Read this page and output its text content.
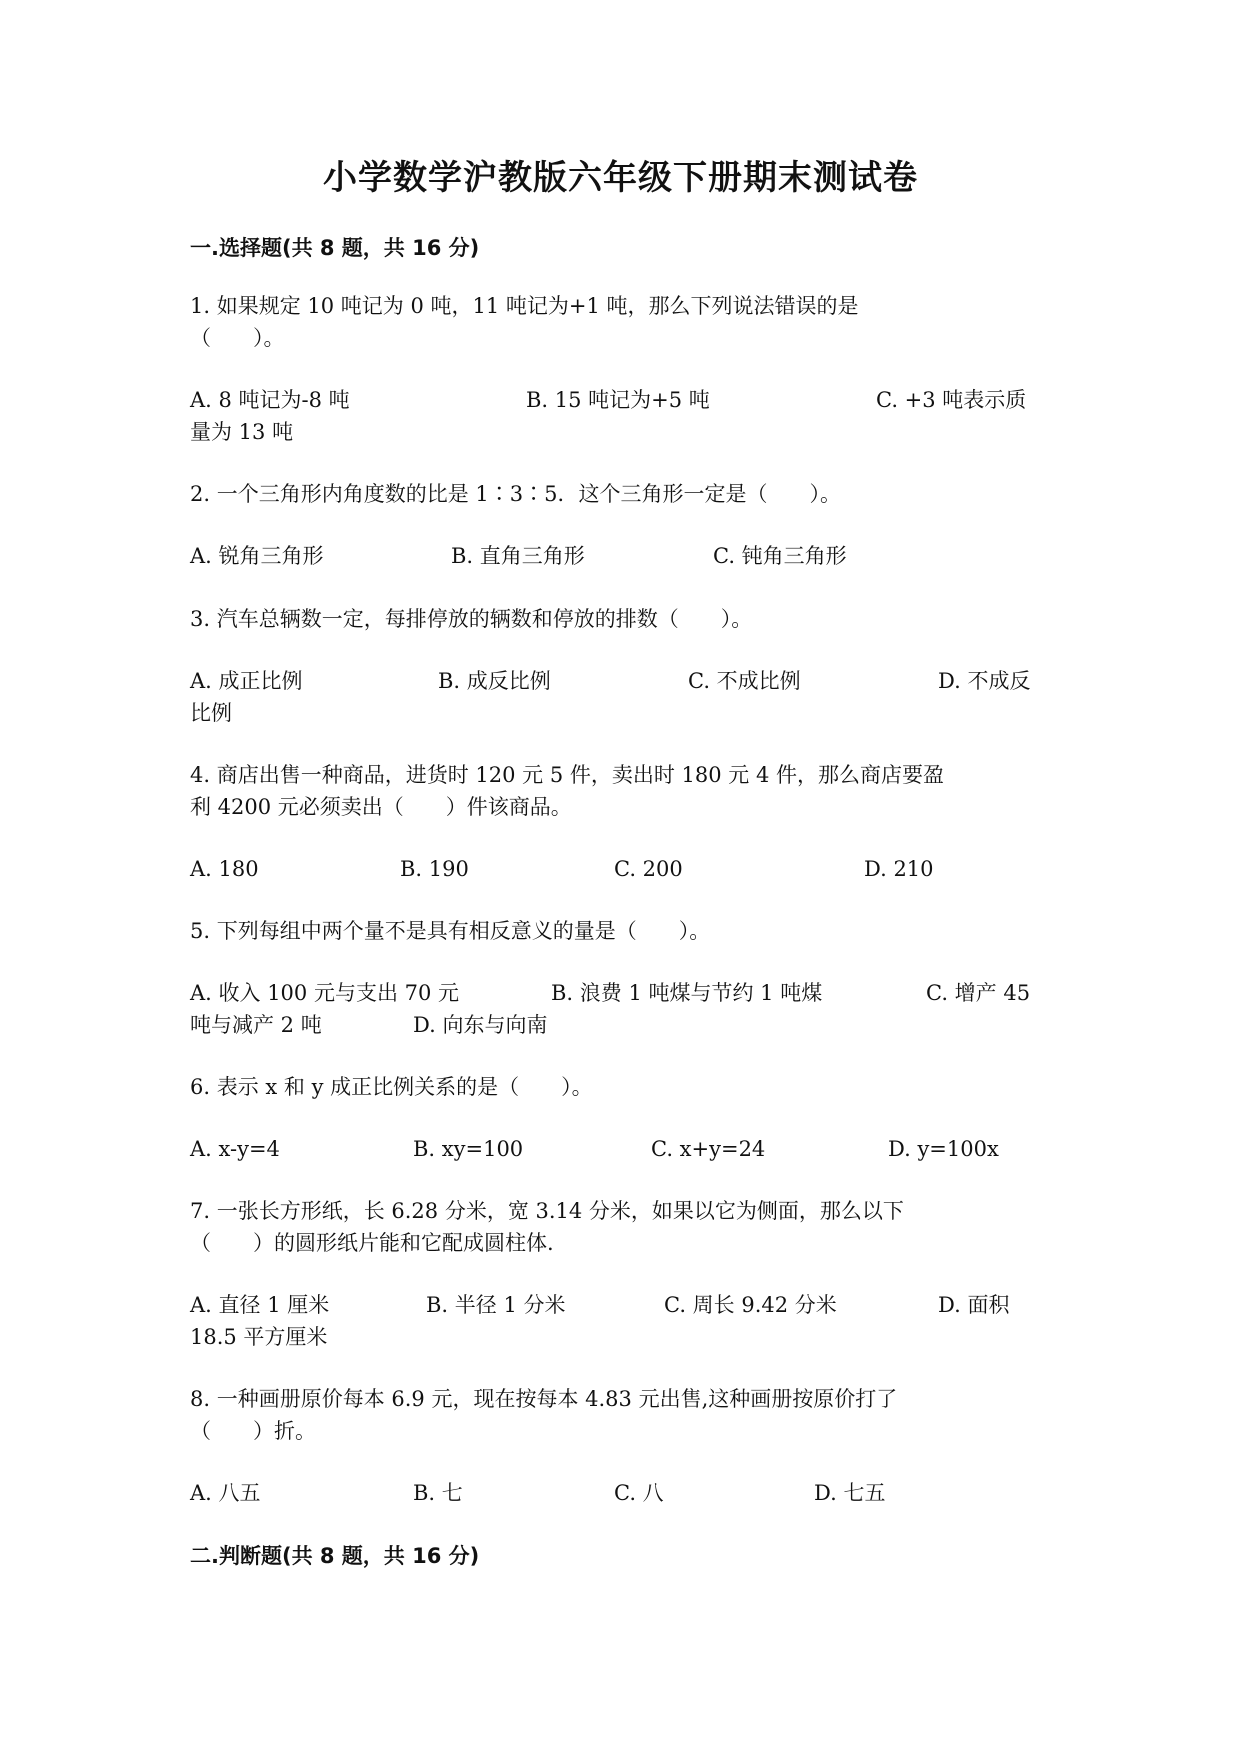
小学数学沪教版六年级下册期末测试卷
一.选择题(共 8 题，共 16 分)
1. 如果规定 10 吨记为 0 吨，11 吨记为+1 吨，那么下列说法错误的是
（　　）。
A. 8 吨记为-8 吨	B. 15 吨记为+5 吨	C. +3 吨表示质
量为 13 吨
2. 一个三角形内角度数的比是 1∶3∶5．这个三角形一定是（　　）。
A. 锐角三角形	B. 直角三角形	C. 钝角三角形
3. 汽车总辆数一定，每排停放的辆数和停放的排数（　　）。
A. 成正比例	B. 成反比例	C. 不成比例	D. 不成反
比例
4. 商店出售一种商品，进货时 120 元 5 件，卖出时 180 元 4 件，那么商店要盈
利 4200 元必须卖出（　　）件该商品。
A. 180	B. 190	C. 200	D. 210
5. 下列每组中两个量不是具有相反意义的量是（　　）。
A. 收入 100 元与支出 70 元	B. 浪费 1 吨煤与节约 1 吨煤	C. 增产 45
吨与减产 2 吨	D. 向东与向南
6. 表示 x 和 y 成正比例关系的是（　　）。
A. x-y=4	B. xy=100	C. x+y=24	D. y=100x
7. 一张长方形纸，长 6.28 分米，宽 3.14 分米，如果以它为侧面，那么以下
（　　）的圆形纸片能和它配成圆柱体.
A. 直径 1 厘米	B. 半径 1 分米	C. 周长 9.42 分米	D. 面积
18.5 平方厘米
8. 一种画册原价每本 6.9 元，现在按每本 4.83 元出售,这种画册按原价打了
（　　）折。
A. 八五	B. 七	C. 八	D. 七五
二.判断题(共 8 题，共 16 分)
